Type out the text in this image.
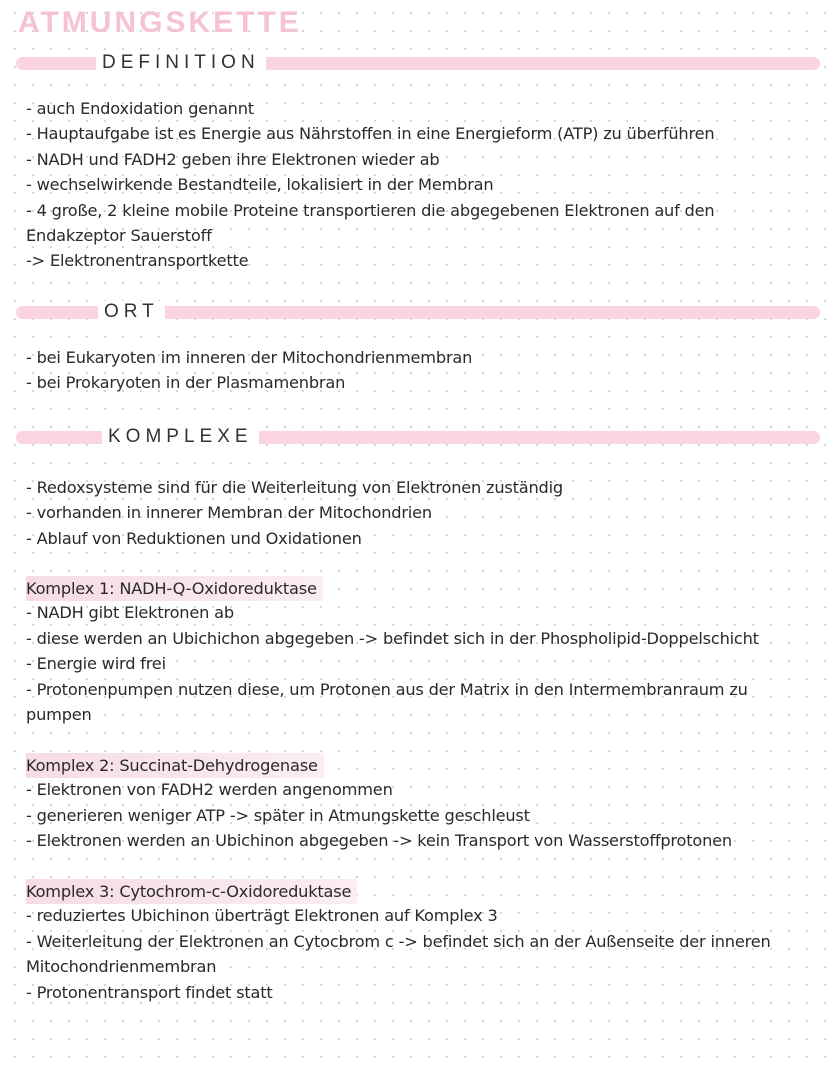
ATMUNGSKETTE
DEFINITION
- auch Endoxidation genannt
- Hauptaufgabe ist es Energie aus Nährstoffen in eine Energieform (ATP) zu überführen
- NADH und FADH2 geben ihre Elektronen wieder ab
- wechselwirkende Bestandteile, lokalisiert in der Membran
- 4 große, 2 kleine mobile Proteine transportieren die abgegebenen Elektronen auf den
Endakzeptor Sauerstoff
-> Elektronentransportkette
ORT
- bei Eukaryoten im inneren der Mitochondrienmembran
- bei Prokaryoten in der Plasmamenbran
KOMPLEXE
- Redoxsysteme sind für die Weiterleitung von Elektronen zuständig
- vorhanden in innerer Membran der Mitochondrien
- Ablauf von Reduktionen und Oxidationen
Komplex 1: NADH-Q-Oxidoreduktase
- NADH gibt Elektronen ab
- diese werden an Ubichichon abgegeben -> befindet sich in der Phospholipid-Doppelschicht
- Energie wird frei
- Protonenpumpen nutzen diese, um Protonen aus der Matrix in den Intermembranraum zu
pumpen
Komplex 2: Succinat-Dehydrogenase
- Elektronen von FADH2 werden angenommen
- generieren weniger ATP -> später in Atmungskette geschleust
- Elektronen werden an Ubichinon abgegeben -> kein Transport von Wasserstoffprotonen
Komplex 3: Cytochrom-c-Oxidoreduktase
- reduziertes Ubichinon überträgt Elektronen auf Komplex 3
- Weiterleitung der Elektronen an Cytocbrom c -> befindet sich an der Außenseite der inneren
Mitochondrienmembran
- Protonentransport findet statt
